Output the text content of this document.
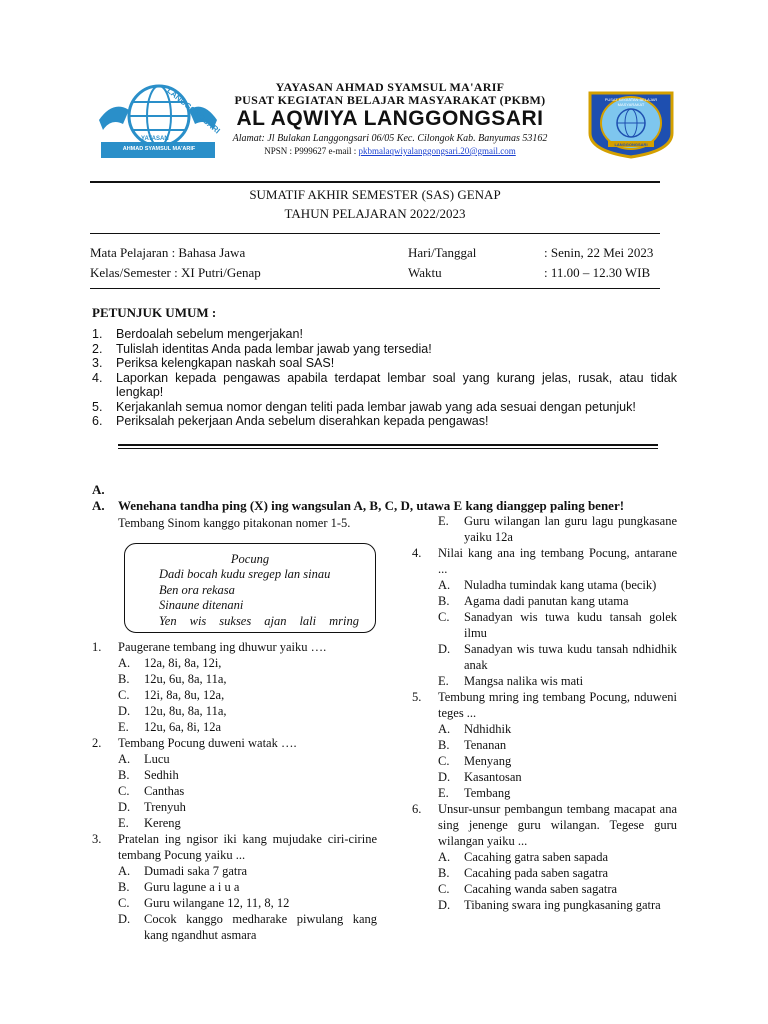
LANGGONGSARI
YAYASAN
AHMAD SYAMSUL MA'ARIF
PUSAT KEGIATAN BELAJAR MASYARAKAT
LANGGONGSARI
YAYASAN AHMAD SYAMSUL MA'ARIF
PUSAT KEGIATAN BELAJAR MASYARAKAT (PKBM)
AL AQWIYA LANGGONGSARI
Alamat: Jl Bulakan Langgongsari 06/05 Kec. Cilongok Kab. Banyumas 53162
NPSN : P999627 e-mail : pkbmalaqwiyalanggongsari.20@gmail.com
SUMATIF AKHIR SEMESTER (SAS) GENAP
TAHUN PELAJARAN 2022/2023
Mata Pelajaran : Bahasa Jawa
Kelas/Semester : XI Putri/Genap
Hari/Tanggal	: Senin, 22 Mei 2023
Waktu	: 11.00 – 12.30 WIB
PETUNJUK UMUM :
1. Berdoalah sebelum mengerjakan!
2. Tulislah identitas Anda pada lembar jawab yang tersedia!
3. Periksa kelengkapan naskah soal SAS!
4. Laporkan kepada pengawas apabila terdapat lembar soal yang kurang jelas, rusak, atau tidak lengkap!
5. Kerjakanlah semua nomor dengan teliti pada lembar jawab yang ada sesuai dengan petunjuk!
6. Periksalah pekerjaan Anda sebelum diserahkan kepada pengawas!
A.
A. Wenehana tandha ping (X) ing wangsulan A, B, C, D, utawa E kang dianggep paling bener!
Tembang Sinom kanggo pitakonan nomer 1-5.
Pocung
Dadi bocah kudu sregep lan sinau
Ben ora rekasa
Sinaune ditenani
Yen wis sukses ajan lali mring
1. Paugerane tembang ing dhuwur yaiku ….
A. 12a, 8i, 8a, 12i,
B. 12u, 6u, 8a, 11a,
C. 12i, 8a, 8u, 12a,
D. 12u, 8u, 8a, 11a,
E. 12u, 6a, 8i, 12a
2. Tembang Pocung duweni watak ….
A. Lucu
B. Sedhih
C. Canthas
D. Trenyuh
E. Kereng
3. Pratelan ing ngisor iki kang mujudake ciri-cirine tembang Pocung yaiku ...
A. Dumadi saka 7 gatra
B. Guru lagune a i u a
C. Guru wilangane 12, 11, 8, 12
D. Cocok kanggo medharake piwulang kang kang ngandhut asmara
E. Guru wilangan lan guru lagu pungkasane yaiku 12a
4. Nilai kang ana ing tembang Pocung, antarane ...
A. Nuladha tumindak kang utama (becik)
B. Agama dadi panutan kang utama
C. Sanadyan wis tuwa kudu tansah golek ilmu
D. Sanadyan wis tuwa kudu tansah ndhidhik anak
E. Mangsa nalika wis mati
5. Tembung mring ing tembang Pocung, nduweni teges ...
A. Ndhidhik
B. Tenanan
C. Menyang
D. Kasantosan
E. Tembang
6. Unsur-unsur pembangun tembang macapat ana sing jenenge guru wilangan. Tegese guru wilangan yaiku ...
A. Cacahing gatra saben sapada
B. Cacahing pada saben sagatra
C. Cacahing wanda saben sagatra
D. Tibaning swara ing pungkasaning gatra
